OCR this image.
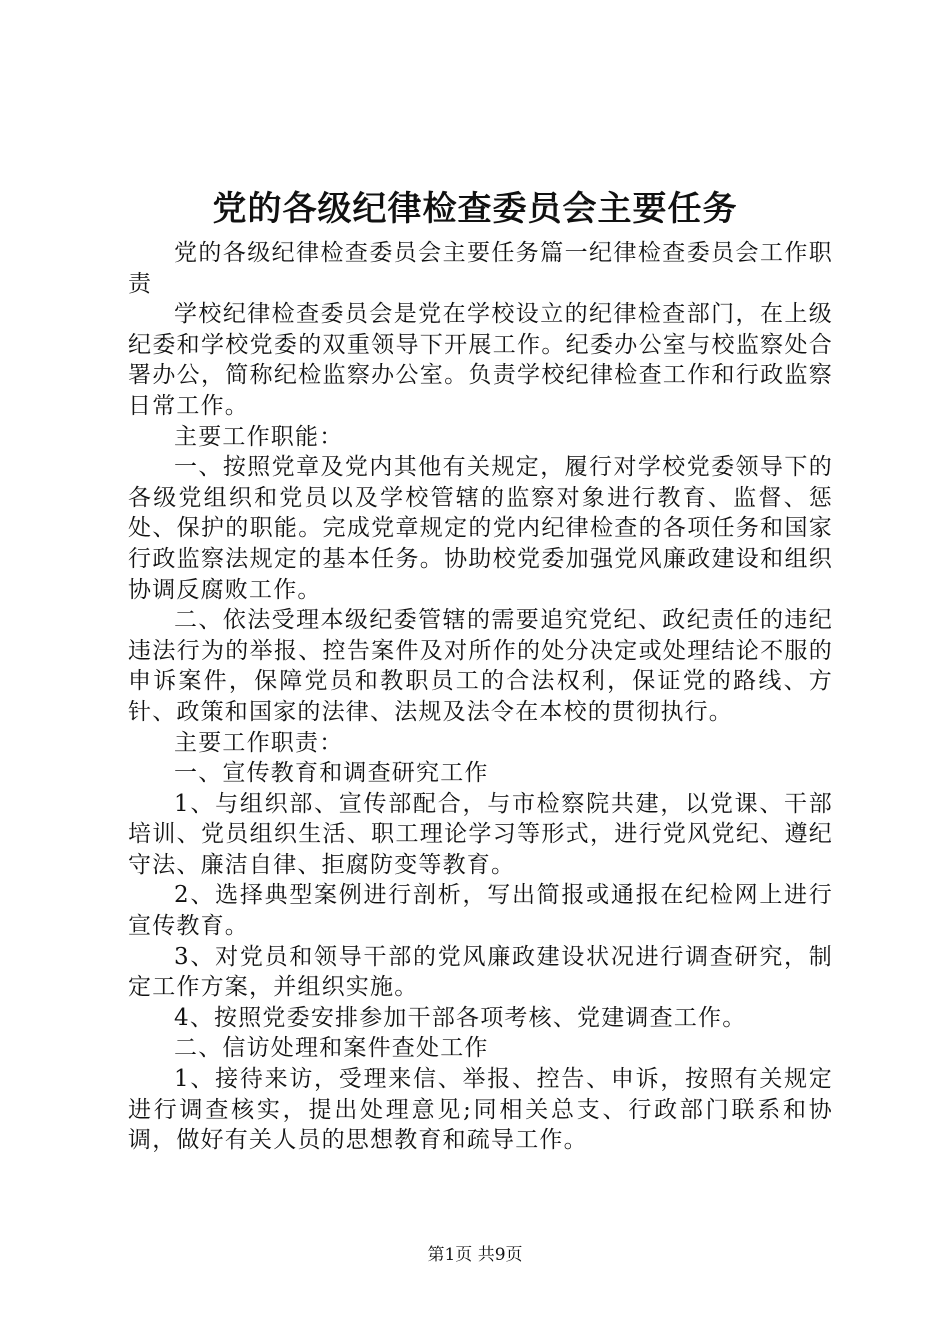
党的各级纪律检查委员会主要任务

党的各级纪律检查委员会主要任务篇一纪律检查委员会工作职责

学校纪律检查委员会是党在学校设立的纪律检查部门，在上级纪委和学校党委的双重领导下开展工作。纪委办公室与校监察处合署办公，简称纪检监察办公室。负责学校纪律检查工作和行政监察日常工作。

主要工作职能：

一、按照党章及党内其他有关规定，履行对学校党委领导下的各级党组织和党员以及学校管辖的监察对象进行教育、监督、惩处、保护的职能。完成党章规定的党内纪律检查的各项任务和国家行政监察法规定的基本任务。协助校党委加强党风廉政建设和组织协调反腐败工作。

二、依法受理本级纪委管辖的需要追究党纪、政纪责任的违纪违法行为的举报、控告案件及对所作的处分决定或处理结论不服的申诉案件，保障党员和教职员工的合法权利，保证党的路线、方针、政策和国家的法律、法规及法令在本校的贯彻执行。

主要工作职责：

一、宣传教育和调查研究工作

1、与组织部、宣传部配合，与市检察院共建，以党课、干部培训、党员组织生活、职工理论学习等形式，进行党风党纪、遵纪守法、廉洁自律、拒腐防变等教育。

2、选择典型案例进行剖析，写出简报或通报在纪检网上进行宣传教育。

3、对党员和领导干部的党风廉政建设状况进行调查研究，制定工作方案，并组织实施。

4、按照党委安排参加干部各项考核、党建调查工作。

二、信访处理和案件查处工作

1、接待来访，受理来信、举报、控告、申诉，按照有关规定进行调查核实，提出处理意见;同相关总支、行政部门联系和协调，做好有关人员的思想教育和疏导工作。

第1页 共9页
